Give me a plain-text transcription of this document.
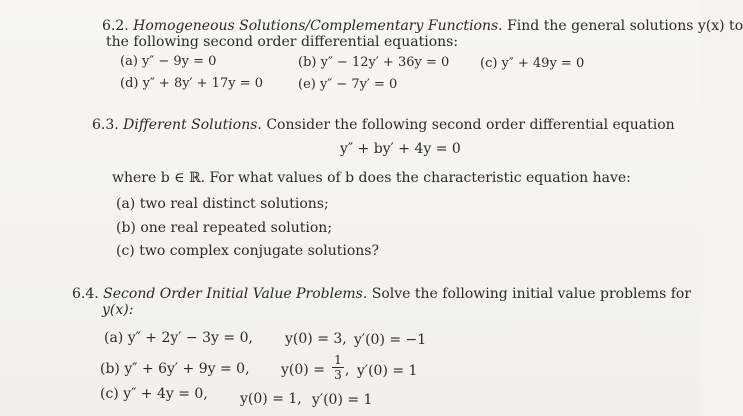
6.2. Homogeneous Solutions/Complementary Functions. Find the general solutions y(x) to
the following second order differential equations:
(a) y″ − 9y = 0	(b) y″ − 12y′ + 36y = 0 (c) y″ + 49y = 0
(d) y″ + 8y′ + 17y = 0	(e) y″ − 7y′ = 0
6.3. Different Solutions. Consider the following second order differential equation
y″ + by′ + 4y = 0
where b ∈ ℝ. For what values of b does the characteristic equation have:
(a) two real distinct solutions;
(b) one real repeated solution;
(c) two complex conjugate solutions?
6.4. Second Order Initial Value Problems. Solve the following initial value problems for
y(x):
(a) y″ + 2y′ − 3y = 0, y(0) = 3, y′(0) = −1
(b) y″ + 6y′ + 9y = 0, y(0) =
1
3 , y′(0) = 1
(c) y″ + 4y = 0, y(0) = 1, y′(0) = 1
